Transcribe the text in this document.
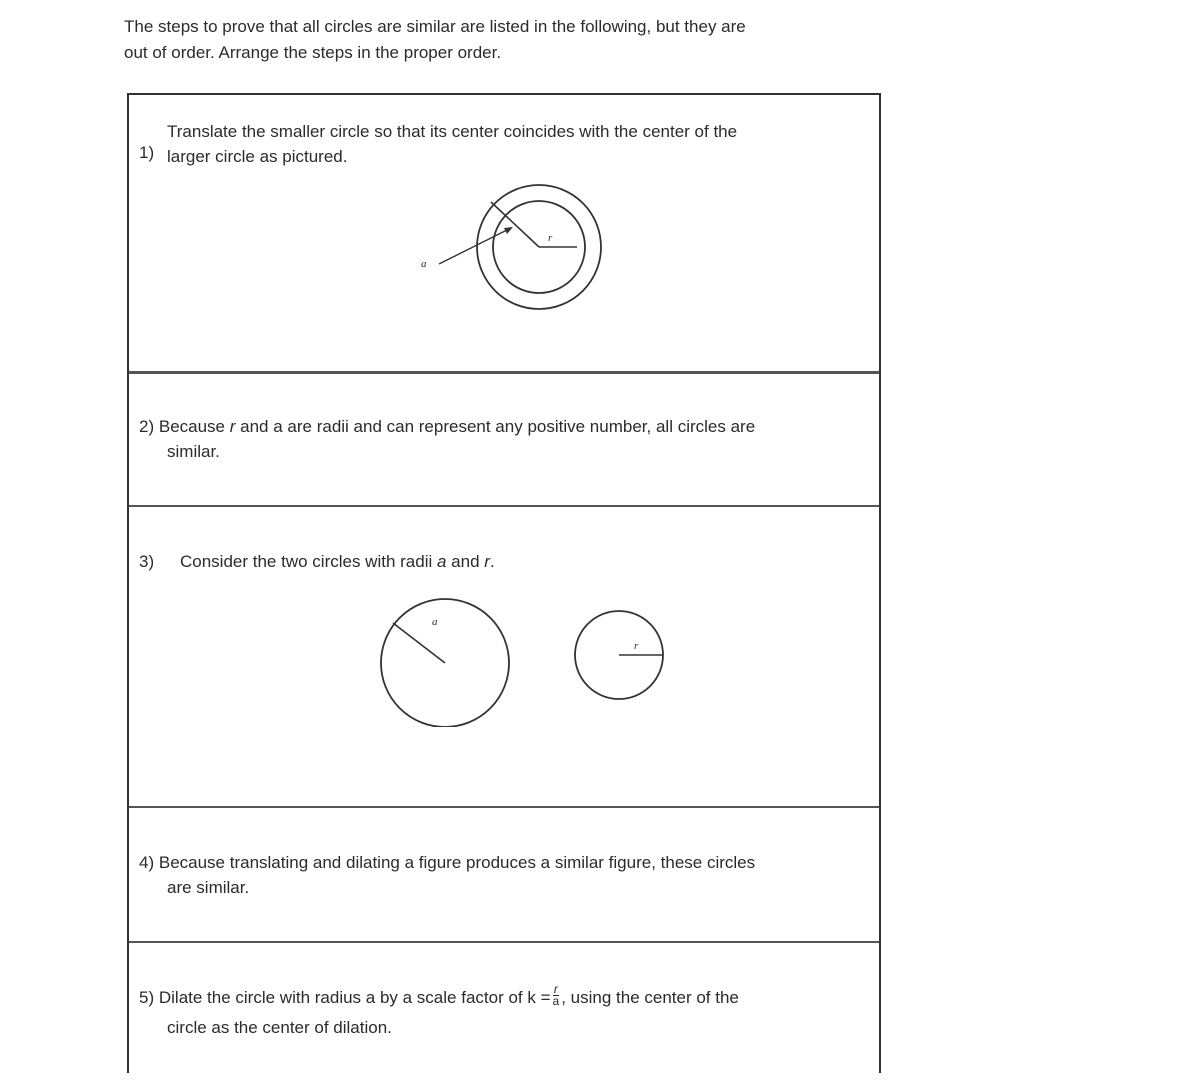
The steps to prove that all circles are similar are listed in the following, but they are
out of order. Arrange the steps in the proper order.
1)
Translate the smaller circle so that its center coincides with the center of the
larger circle as pictured.
a
r
2) Because r and a are radii and can represent any positive number, all circles are
similar.
3) Consider the two circles with radii a and r.
a
r
4) Because translating and dilating a figure produces a similar figure, these circles
are similar.
5) Dilate the circle with radius a by a scale factor of $k = \frac{r}{a}$ , using the center of the
circle as the center of dilation.
